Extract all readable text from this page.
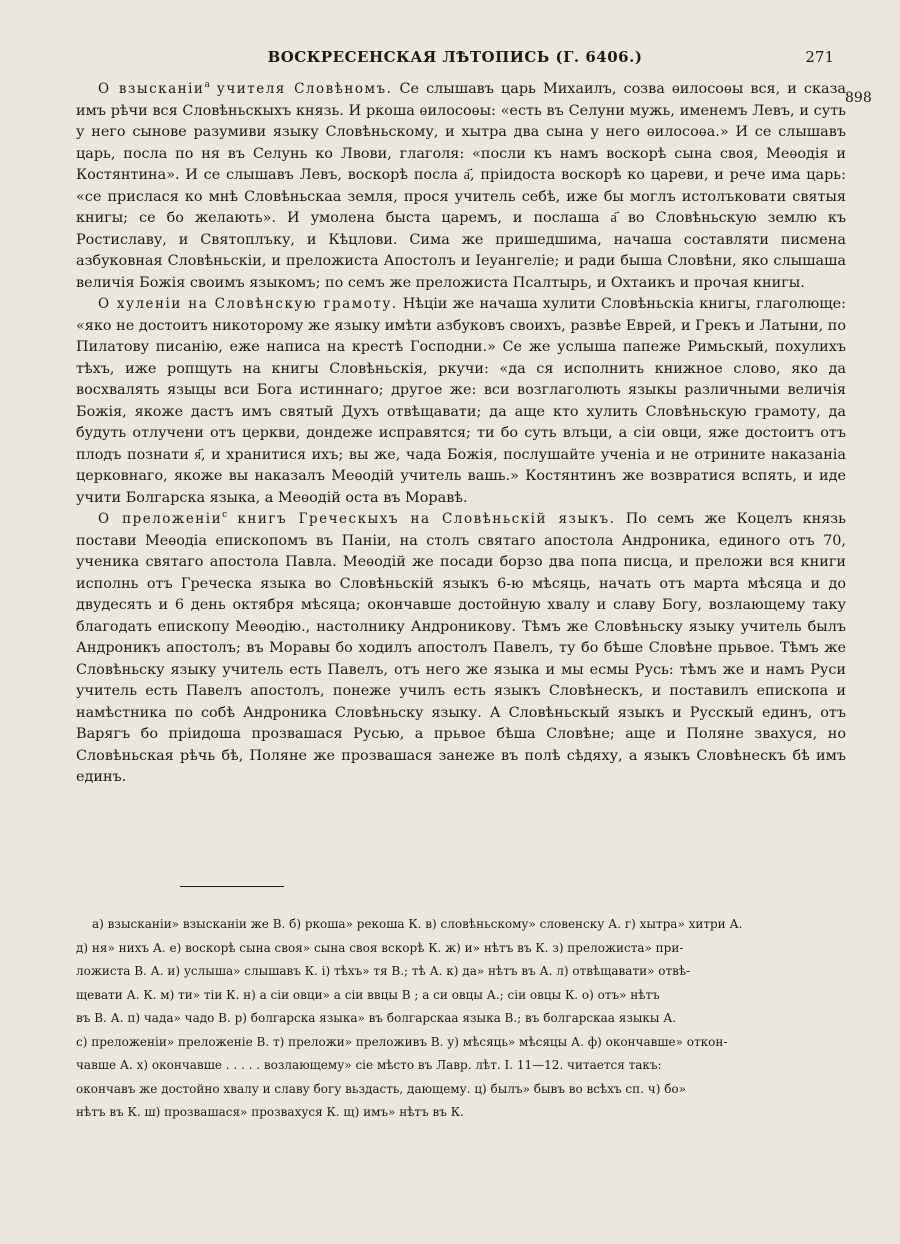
ВОСКРЕСЕНСКАЯ ЛѢТОПИСЬ (Г. 6406.)	271
898

О взысканіи$^а$ учителя Словѣномъ. Се слышавъ царь Михаилъ, созва ѳилосоѳы вся, и сказа имъ рѣчи вся Словѣньскыхъ князь. И ркоша ѳилосоѳы: «есть въ Селуни мужь, именемъ Левъ, и суть у него сынове разумиви языку Словѣньскому, и хытра два сына у него ѳилосоѳа.» И се слышавъ царь, посла по ня въ Селунь ко Лвови, глаголя: «посли къ намъ воскорѣ сына своя, Меѳодія и Костянтина». И се слышавъ Левъ, воскорѣ посла а҃, пріидоста воскорѣ ко цареви, и рече има царь: «се прислася ко мнѣ Словѣньскаа земля, прося учитель себѣ, иже бы моглъ истолъковати святыя книгы; се бо желають». И умолена быста царемъ, и послаша а҃ во Словѣньскую землю къ Ростиславу, и Святоплъку, и Кѣцлови. Сима же пришедшима, начаша составляти писмена азбуковная Словѣньскіи, и преложиста Апостолъ и Іеуангеліе; и ради быша Словѣни, яко слышаша величія Божія своимъ языкомъ; по семъ же преложиста Псалтырь, и Охтаикъ и прочая книгы.

О хуленіи на Словѣнскую грамоту. Нѣціи же начаша хулити Словѣньскіа книгы, глаголюще: «яко не достоитъ никоторому же языку имѣти азбуковъ своихъ, развѣе Еврей, и Грекъ и Латыни, по Пилатову писанію, еже написа на крестѣ Господни.» Се же услыша папеже Римьскый, похулихъ тѣхъ, иже ропщуть на книгы Словѣньскія, ркучи: «да ся исполнить книжное слово, яко да восхвалять языцы вси Бога истиннаго; другое же: вси возглаголють языкы различными величія Божія, якоже дастъ имъ святый Духъ отвѣщавати; да аще кто хулить Словѣньскую грамоту, да будуть отлучени отъ церкви, дондеже исправятся; ти бо суть влъци, а сіи овци, яже достоитъ отъ плодъ познати я҃, и хранитися ихъ; вы же, чада Божія, послушайте ученіа и не отрините наказаніа церковнаго, якоже вы наказалъ Меѳодій учитель вашь.» Костянтинъ же возвратися вспять, и иде учити Болгарска языка, а Меѳодій оста въ Моравѣ.

О преложеніи$^с$ книгъ Греческыхъ на Словѣньскій языкъ. По семъ же Коцелъ князь постави Меѳодіа епископомъ въ Паніи, на столъ святаго апостола Андроника, единого отъ 70, ученика святаго апостола Павла. Меѳодій же посади борзо два попа писца, и преложи вся книги исполнь отъ Греческа языка во Словѣньскій языкъ 6-ю мѣсяць, начать отъ марта мѣсяца и до двудесять и 6 день октября мѣсяца; окончавше достойную хвалу и славу Богу, возлающему таку благодать епископу Меѳодію., настолнику Андроникову. Тѣмъ же Словѣньску языку учитель былъ Андроникъ апостолъ; въ Моравы бо ходилъ апостолъ Павелъ, ту бо бѣше Словѣне прьвое. Тѣмъ же Словѣньску языку учитель есть Павелъ, отъ него же языка и мы есмы Русь: тѣмъ же и намъ Руси учитель есть Павелъ апостолъ, понеже училъ есть языкъ Словѣнескъ, и поставилъ епископа и намѣстника по собѣ Андроника Словѣньску языку. А Словѣньскый языкъ и Русскый единъ, отъ Варягъ бо пріидоша прозвашася Русью, а прьвое бѣша Словѣне; аще и Поляне звахуся, но Словѣньская рѣчь бѣ, Поляне же прозвашася занеже въ полѣ сѣдяху, а языкъ Словѣнескъ бѣ имъ единъ.

а) взысканіи» взысканіи же В. б) ркоша» рекоша К. в) словѣньскому» словенску А. г) хытра» хитри А.
д) ня» нихъ А. е) воскорѣ сына своя» сына своя вскорѣ К. ж) и» нѣтъ въ К. з) преложиста» при-
ложиста В. А. и) услыша» слышавъ К. і) тѣхъ» тя В.; тѣ А. к) да» нѣтъ въ А. л) отвѣщавати» отвѣ-
щевати А. К. м) ти» тіи К. н) а сіи овци» а сіи ввцы В ; а си овцы А.; сіи овцы К. о) отъ» нѣтъ
въ В. А. п) чада» чадо В. р) болгарска языка» въ болгарскаа языка В.; въ болгарскаа языкы А.
с) преложеніи» преложеніе В. т) преложи» преложивъ В. у) мѣсяць» мѣсяцы А. ф) окончавше» откон-
чавше А. х) окончавше . . . . . возлающему» сіе мѣсто въ Лавр. лѣт. I. 11—12. читается такъ:
окончавъ же достойно хвалу и славу богу вьздасть, дающему. ц) былъ» бывъ во всѣхъ сп. ч) бо»
нѣтъ въ К. ш) прозвашася» прозвахуся К. щ) имъ» нѣтъ въ К.
